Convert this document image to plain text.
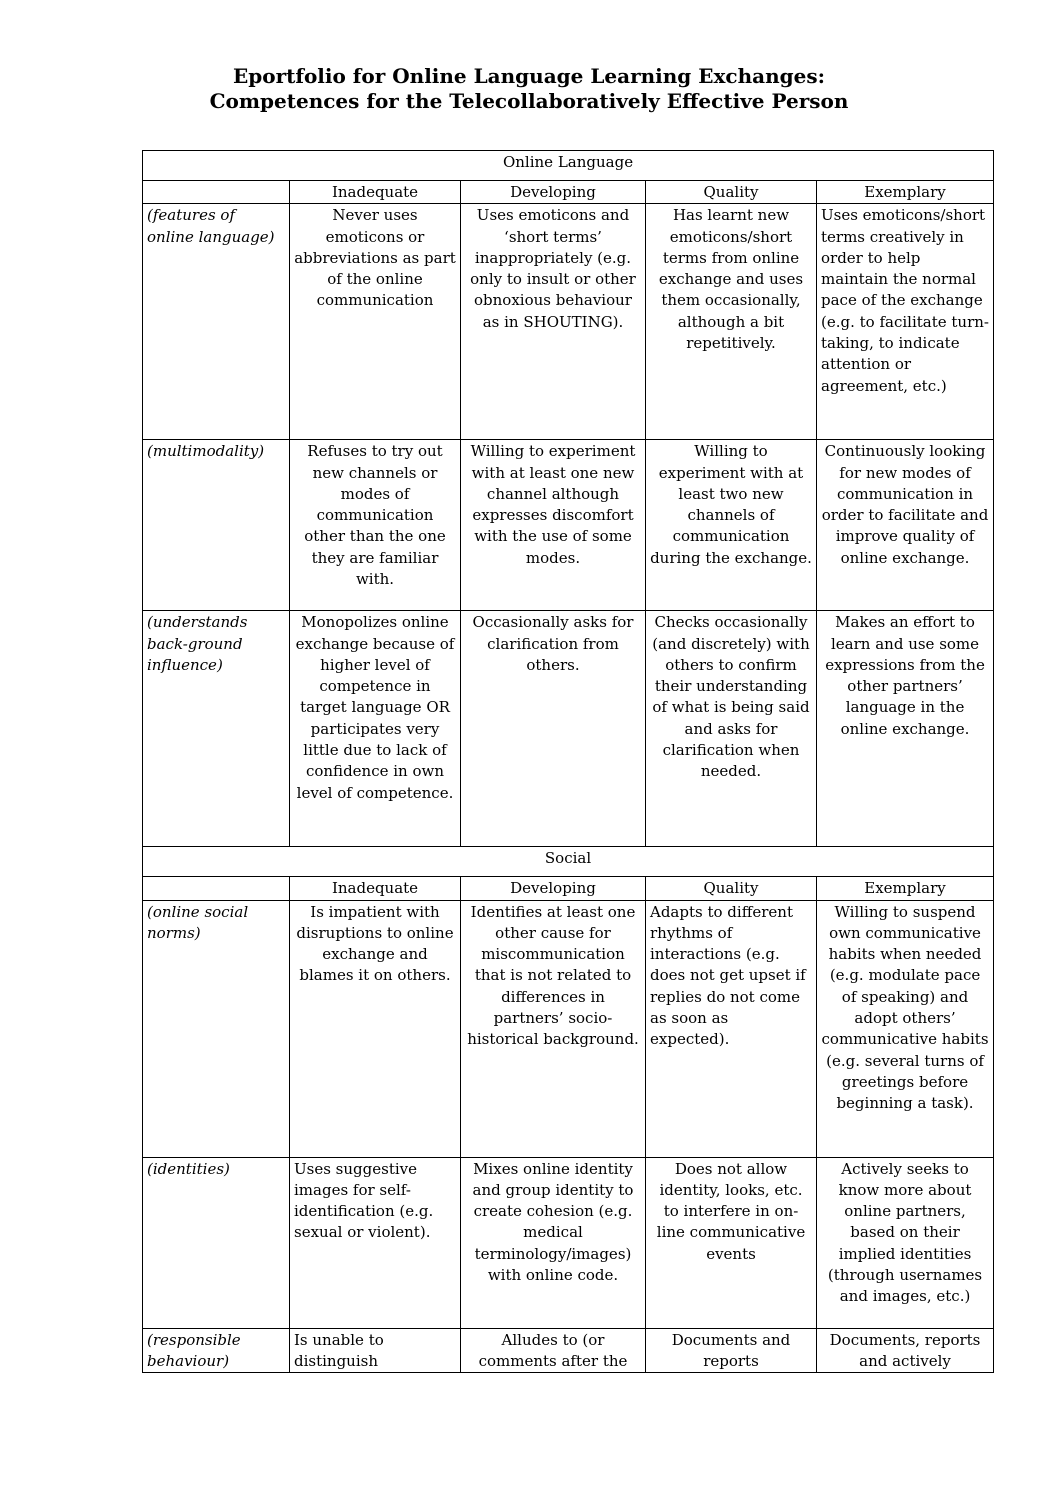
Eportfolio for Online Language Learning Exchanges:
Competences for the Telecollaboratively Effective Person
Online Language				
	Inadequate	Developing	Quality	Exemplary
(features of online language)	Never uses emoticons or abbreviations as part of the online communication	Uses emoticons and ‘short terms’ inappropriately (e.g. only to insult or other obnoxious behaviour as in SHOUTING).	Has learnt new emoticons/short terms from online exchange and uses them occasionally, although a bit repetitively.	Uses emoticons/short terms creatively in order to help maintain the normal pace of the exchange (e.g. to facilitate turn-taking, to indicate attention or agreement, etc.)
(multimodality)	Refuses to try out new channels or modes of communication other than the one they are familiar with.	Willing to experiment with at least one new channel although expresses discomfort with the use of some modes.	Willing to experiment with at least two new channels of communication during the exchange.	Continuously looking for new modes of communication in order to facilitate and improve quality of online exchange.
(understands back-ground influence)	Monopolizes online exchange because of higher level of competence in target language OR participates very little due to lack of confidence in own level of competence.	Occasionally asks for clarification from others.	Checks occasionally (and discretely) with others to confirm their understanding of what is being said and asks for clarification when needed.	Makes an effort to learn and use some expressions from the other partners’ language in the online exchange.
Social				
	Inadequate	Developing	Quality	Exemplary
(online social norms)	Is impatient with disruptions to online exchange and blames it on others.	Identifies at least one other cause for miscommunication that is not related to differences in partners’ socio-historical background.	Adapts to different rhythms of interactions (e.g. does not get upset if replies do not come as soon as expected).	Willing to suspend own communicative habits when needed (e.g. modulate pace of speaking) and adopt others’ communicative habits (e.g. several turns of greetings before beginning a task).
(identities)	Uses suggestive images for self-identification (e.g. sexual or violent).	Mixes online identity and group identity to create cohesion (e.g. medical terminology/images) with online code.	Does not allow identity, looks, etc. to interfere in on-line communicative events	Actively seeks to know more about online partners, based on their implied identities (through usernames and images, etc.)
(responsible behaviour)	Is unable to distinguish	Alludes to (or comments after the	Documents and reports	Documents, reports and actively
